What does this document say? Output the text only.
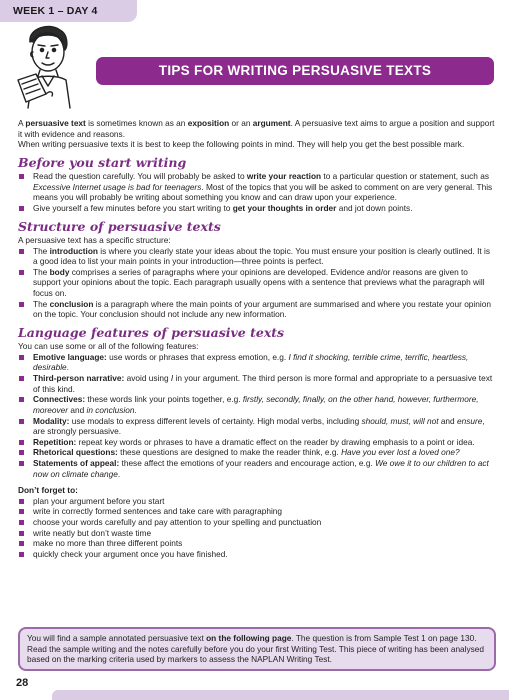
WEEK 1 – DAY 4
TIPS FOR WRITING PERSUASIVE TEXTS

A persuasive text is sometimes known as an exposition or an argument. A persuasive text aims to argue a position and support it with evidence and reasons.

When writing persuasive texts it is best to keep the following points in mind. They will help you get the best possible mark.

Before you start writing
Read the question carefully. You will probably be asked to write your reaction to a particular question or statement, such as Excessive Internet usage is bad for teenagers. Most of the topics that you will be asked to comment on are very general. This means you will probably be writing about something you know and can draw upon your experience.
Give yourself a few minutes before you start writing to get your thoughts in order and jot down points.
Structure of persuasive texts

A persuasive text has a specific structure:

The introduction is where you clearly state your ideas about the topic. You must ensure your position is clearly outlined. It is a good idea to list your main points in your introduction—three points is perfect.
The body comprises a series of paragraphs where your opinions are developed. Evidence and/or reasons are given to support your opinions about the topic. Each paragraph usually opens with a sentence that previews what the paragraph will focus on.
The conclusion is a paragraph where the main points of your argument are summarised and where you restate your opinion on the topic. Your conclusion should not include any new information.
Language features of persuasive texts

You can use some or all of the following features:

Emotive language: use words or phrases that express emotion, e.g. I find it shocking, terrible crime, terrific, heartless, desirable.
Third-person narrative: avoid using I in your argument. The third person is more formal and appropriate to a persuasive text of this kind.
Connectives: these words link your points together, e.g. firstly, secondly, finally, on the other hand, however, furthermore, moreover and in conclusion.
Modality: use modals to express different levels of certainty. High modal verbs, including should, must, will not and ensure, are strongly persuasive.
Repetition: repeat key words or phrases to have a dramatic effect on the reader by drawing emphasis to a point or idea.
Rhetorical questions: these questions are designed to make the reader think, e.g. Have you ever lost a loved one?
Statements of appeal: these affect the emotions of your readers and encourage action, e.g. We owe it to our children to act now on climate change.

Don’t forget to:

plan your argument before you start
write in correctly formed sentences and take care with paragraphing
choose your words carefully and pay attention to your spelling and punctuation
write neatly but don’t waste time
make no more than three different points
quickly check your argument once you have finished.
You will find a sample annotated persuasive text on the following page. The question is from Sample Test 1 on page 130. Read the sample writing and the notes carefully before you do your first Writing Test. This piece of writing has been analysed based on the marking criteria used by markers to assess the NAPLAN Writing Test.
28
